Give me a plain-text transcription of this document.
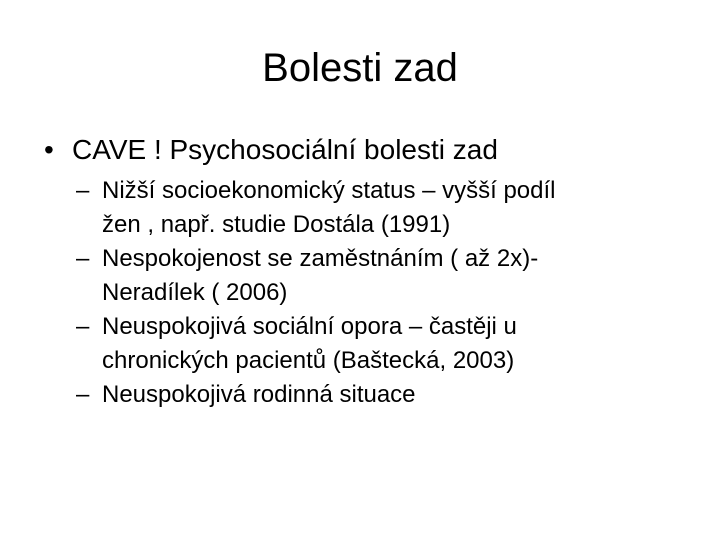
Bolesti zad
• CAVE ! Psychosociální bolesti zad
– Nižší socioekonomický status – vyšší podíl
žen , např. studie Dostála (1991)
– Nespokojenost se zaměstnáním ( až 2x)-
Neradílek ( 2006)
– Neuspokojivá sociální opora – častěji u
chronických pacientů (Baštecká, 2003)
– Neuspokojivá rodinná situace
